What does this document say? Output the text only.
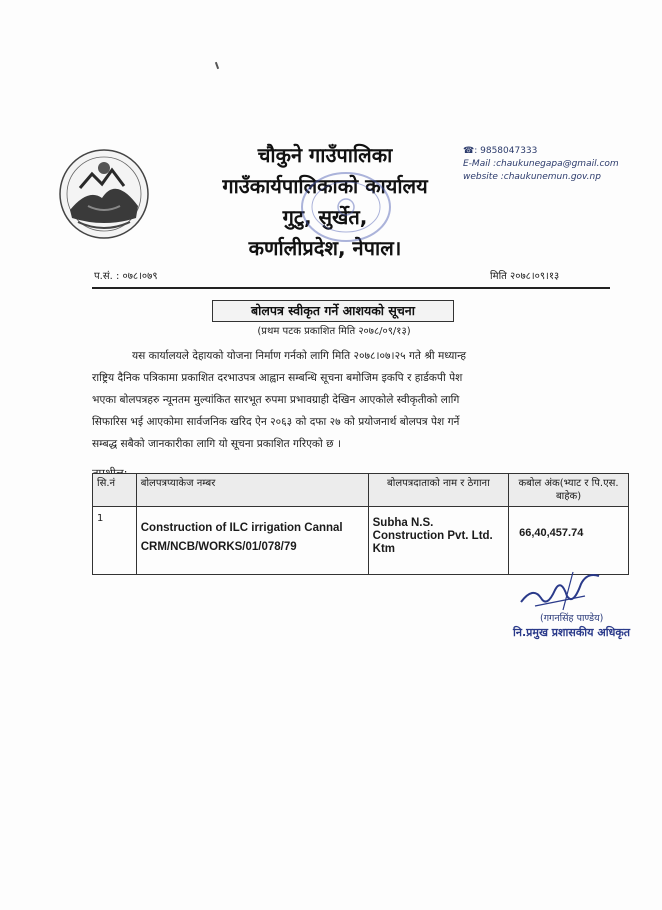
चौकुने गाउँपालिका
गाउँकार्यपालिकाको कार्यालय
गुटु, सुर्खेत,
कर्णालीप्रदेश, नेपाल।
☎: 9858047333
E-Mail :chaukunegapa@gmail.com
website :chaukunemun.gov.np
प.सं. : ०७८।०७९	मिति २०७८।०९।१३
बोलपत्र स्वीकृत गर्ने आशयको सूचना
(प्रथम पटक प्रकाशित मिति २०७८/०९/१३)
यस कार्यालयले देहायको योजना निर्माण गर्नको लागि मिति २०७८।०७।२५ गते श्री मध्यान्ह
राष्ट्रिय दैनिक पत्रिकामा प्रकाशित दरभाउपत्र आह्वान सम्बन्धि सूचना बमोजिम इकपि र हार्डकपी पेश
भएका बोलपत्रहरु न्यूनतम मुल्यांकित सारभूत रुपमा प्रभावग्राही देखिन आएकोले स्वीकृतीको लागि
सिफारिस भई आएकोमा सार्वजनिक खरिद ऐन २०६३ को दफा २७ को प्रयोजनार्थ बोलपत्र पेश गर्ने
सम्बद्ध सबैको जानकारीका लागि यो सूचना प्रकाशित गरिएको छ ।
सि.नं	बोलपत्रप्याकेज नम्बर	बोलपत्रदाताको नाम र ठेगाना	कबोल अंक(भ्याट र पि.एस. बाहेक)
1	Construction of ILC irrigation Cannal
CRM/NCB/WORKS/01/078/79	Subha N.S. Construction Pvt. Ltd. Ktm	66,40,457.74
(गगनसिंह पाण्डेय)
नि.प्रमुख प्रशासकीय अधिकृत
